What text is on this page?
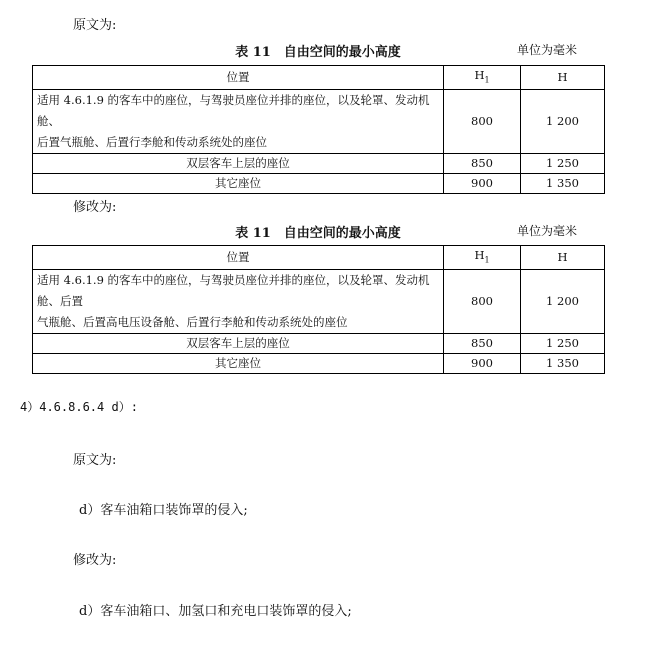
原文为:
表 11　自由空间的最小高度	单位为毫米
位置	$H_1$	H

适用 4.6.1.9 的客车中的座位，与驾驶员座位并排的座位，以及轮罩、发动机舱、
后置气瓶舱、后置行李舱和传动系统处的座位	800	1 200
双层客车上层的座位	850	1 250
其它座位	900	1 350
修改为:
表 11　自由空间的最小高度	单位为毫米
位置	$H_1$	H

适用 4.6.1.9 的客车中的座位，与驾驶员座位并排的座位，以及轮罩、发动机舱、后置
气瓶舱、后置高电压设备舱、后置行李舱和传动系统处的座位	800	1 200
双层客车上层的座位	850	1 250
其它座位	900	1 350
4）4.6.8.6.4 d）:
原文为:
d）客车油箱口装饰罩的侵入;
修改为:
d）客车油箱口、加氢口和充电口装饰罩的侵入;
